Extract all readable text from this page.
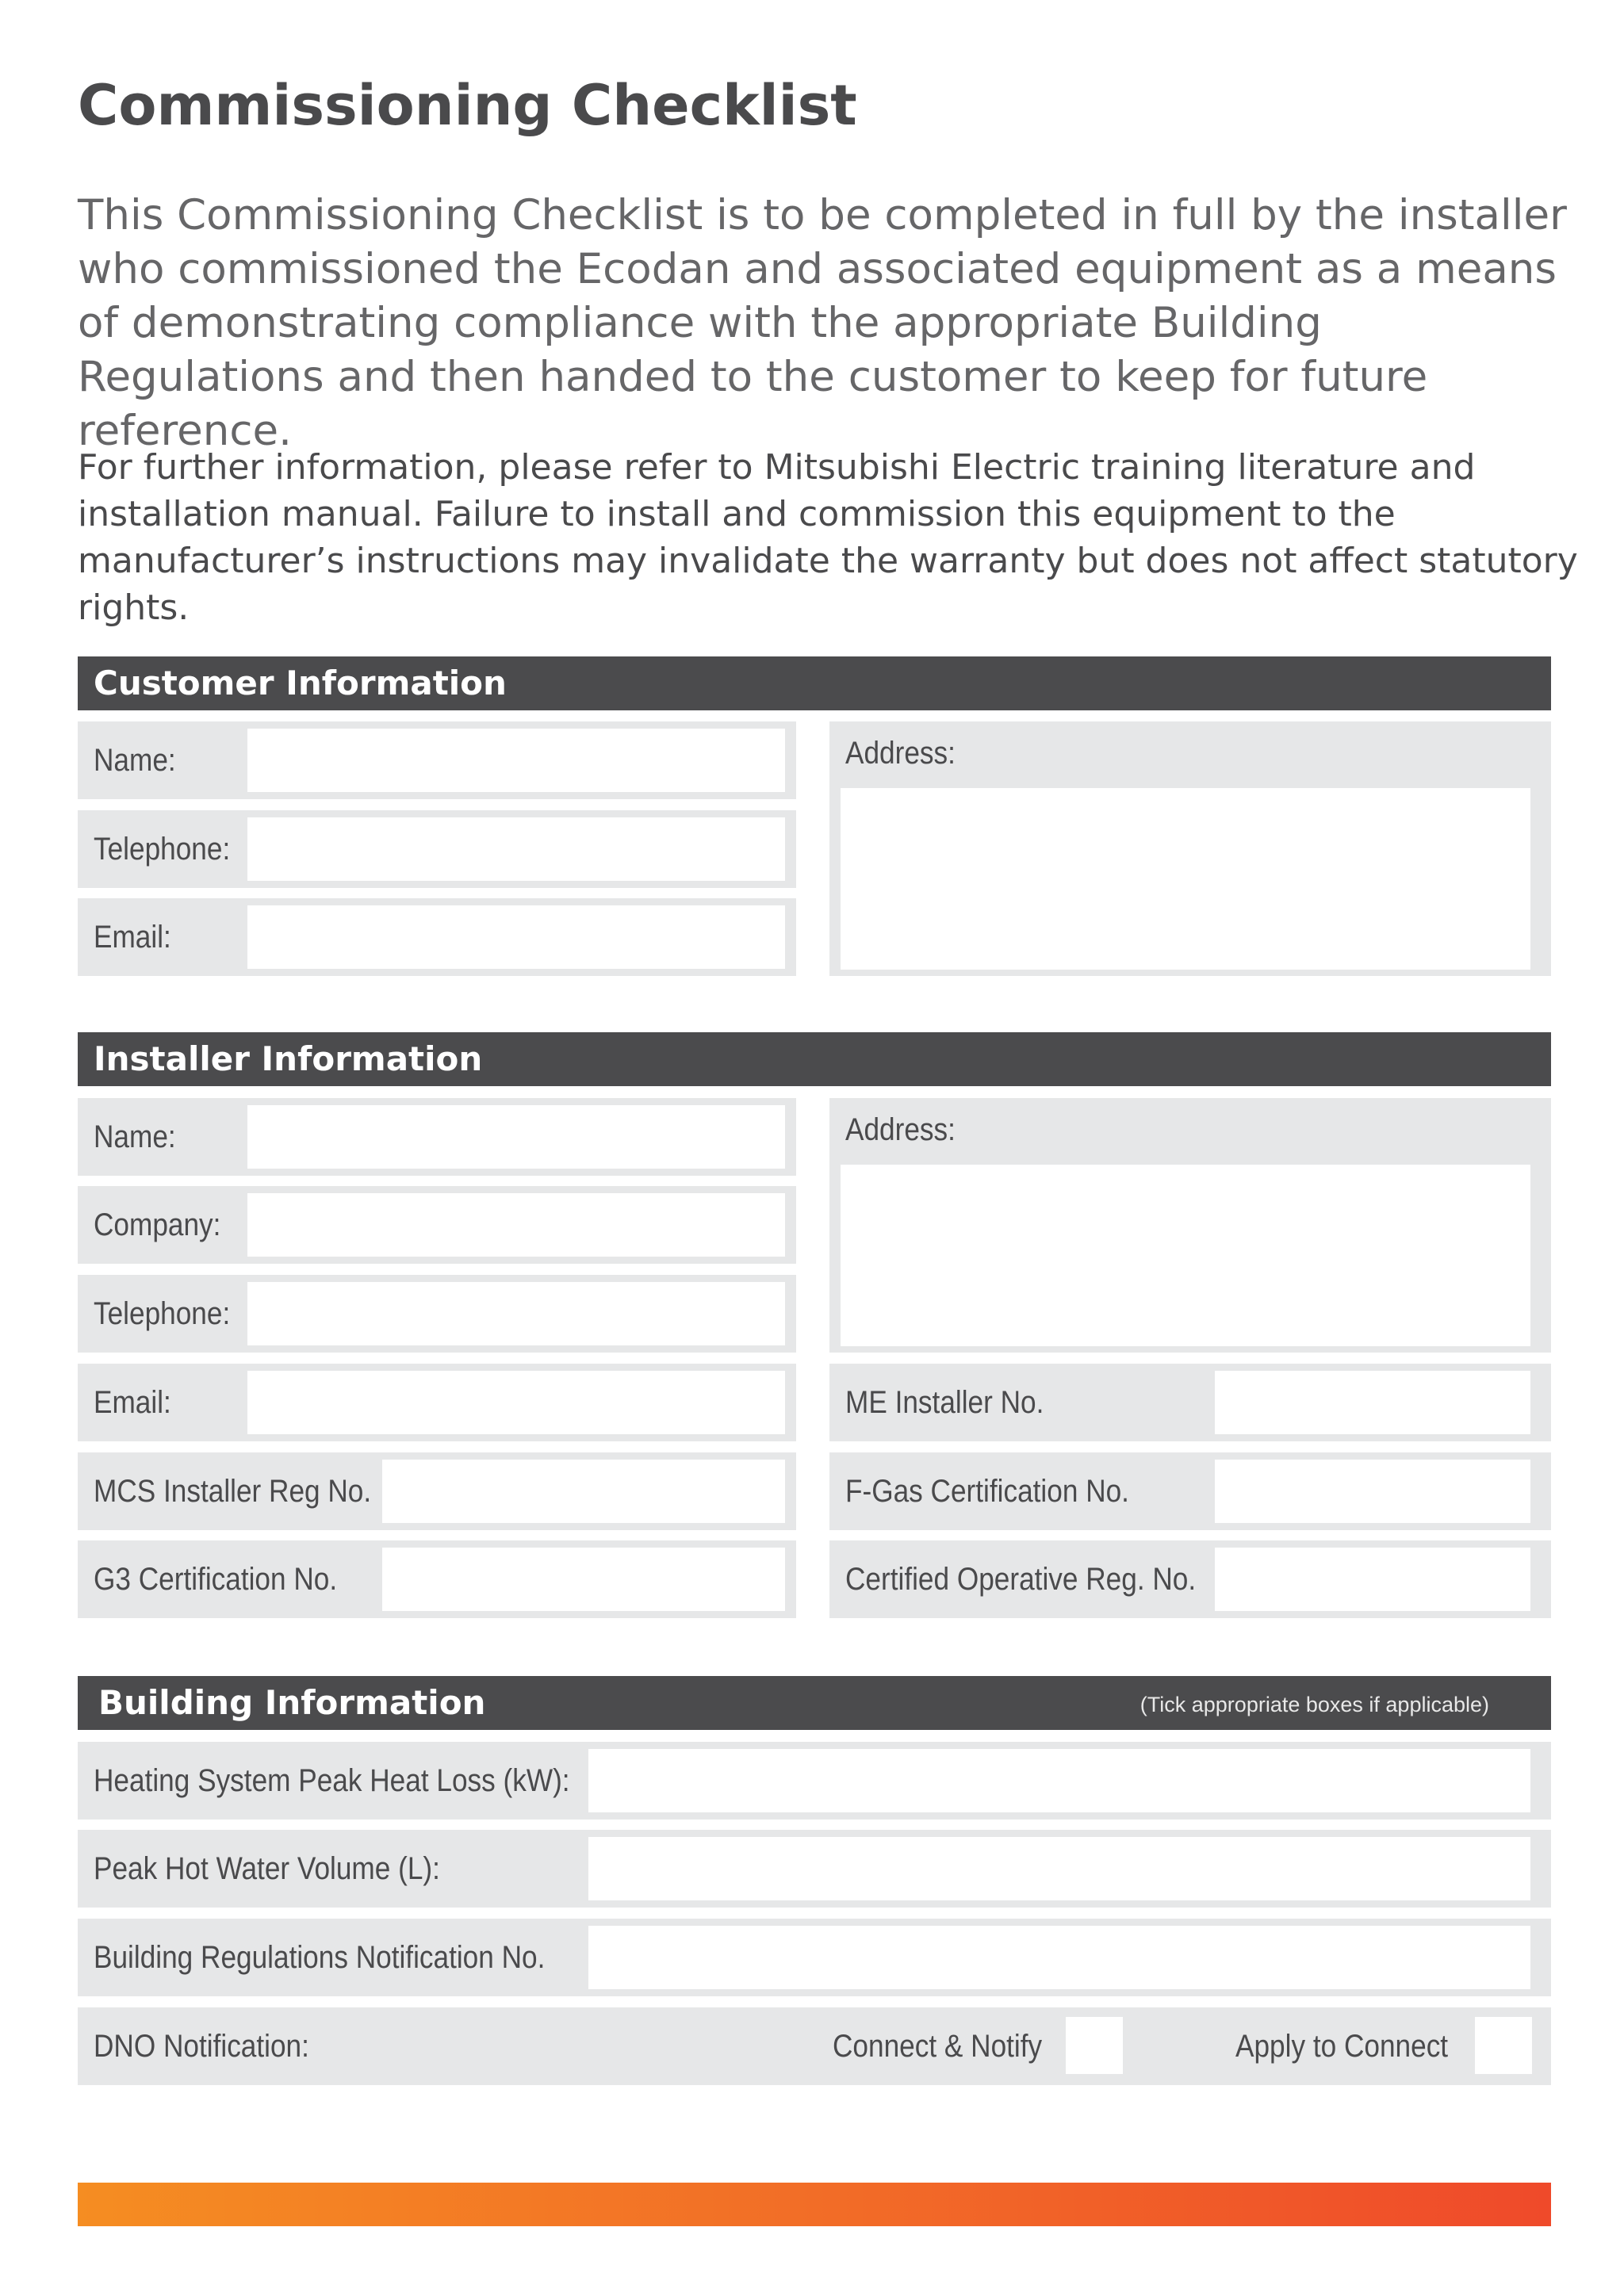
Commissioning Checklist

This Commissioning Checklist is to be completed in full by the installer who commissioned the Ecodan and associated equipment as a means of demonstrating compliance with the appropriate Building Regulations and then handed to the customer to keep for future reference.

For further information, please refer to Mitsubishi Electric training literature and installation manual. Failure to install and commission this equipment to the manufacturer’s instructions may invalidate the warranty but does not affect statutory rights.

Customer Information
Name:
Telephone:
Email:
Address:
Installer Information
Name:
Company:
Telephone:
Address:
Email:	ME Installer No.
MCS Installer Reg No.	F-Gas Certification No.
G3 Certification No.	Certified Operative Reg. No.
Building Information	(Tick appropriate boxes if applicable)
Heating System Peak Heat Loss (kW):
Peak Hot Water Volume (L):
Building Regulations Notification No.
DNO Notification:	Connect & Notify	Apply to Connect
